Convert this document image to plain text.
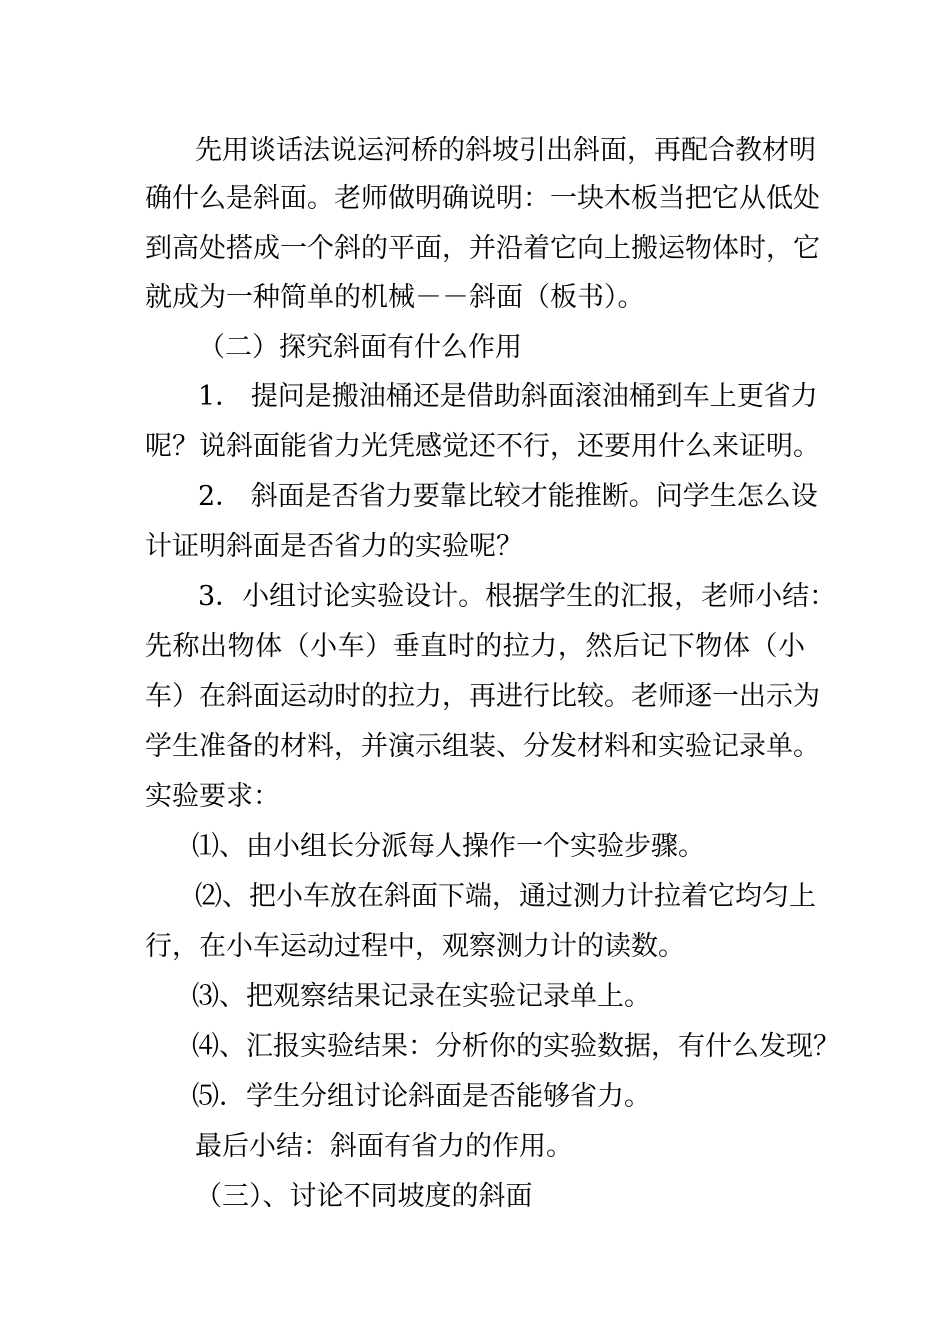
先用谈话法说运河桥的斜坡引出斜面，再配合教材明
确什么是斜面。老师做明确说明：一块木板当把它从低处
到高处搭成一个斜的平面，并沿着它向上搬运物体时，它
就成为一种简单的机械－－斜面（板书）。
（二）探究斜面有什么作用
1． 提问是搬油桶还是借助斜面滚油桶到车上更省力
呢？说斜面能省力光凭感觉还不行，还要用什么来证明。
2． 斜面是否省力要靠比较才能推断。问学生怎么设
计证明斜面是否省力的实验呢？
3．小组讨论实验设计。根据学生的汇报，老师小结：
先称出物体（小车）垂直时的拉力，然后记下物体（小
车）在斜面运动时的拉力，再进行比较。老师逐一出示为
学生准备的材料，并演示组装、分发材料和实验记录单。
实验要求：
⑴、由小组长分派每人操作一个实验步骤。
⑵、把小车放在斜面下端，通过测力计拉着它均匀上
行，在小车运动过程中，观察测力计的读数。
⑶、把观察结果记录在实验记录单上。
⑷、汇报实验结果：分析你的实验数据，有什么发现？
⑸．学生分组讨论斜面是否能够省力。
最后小结：斜面有省力的作用。
（三）、讨论不同坡度的斜面
